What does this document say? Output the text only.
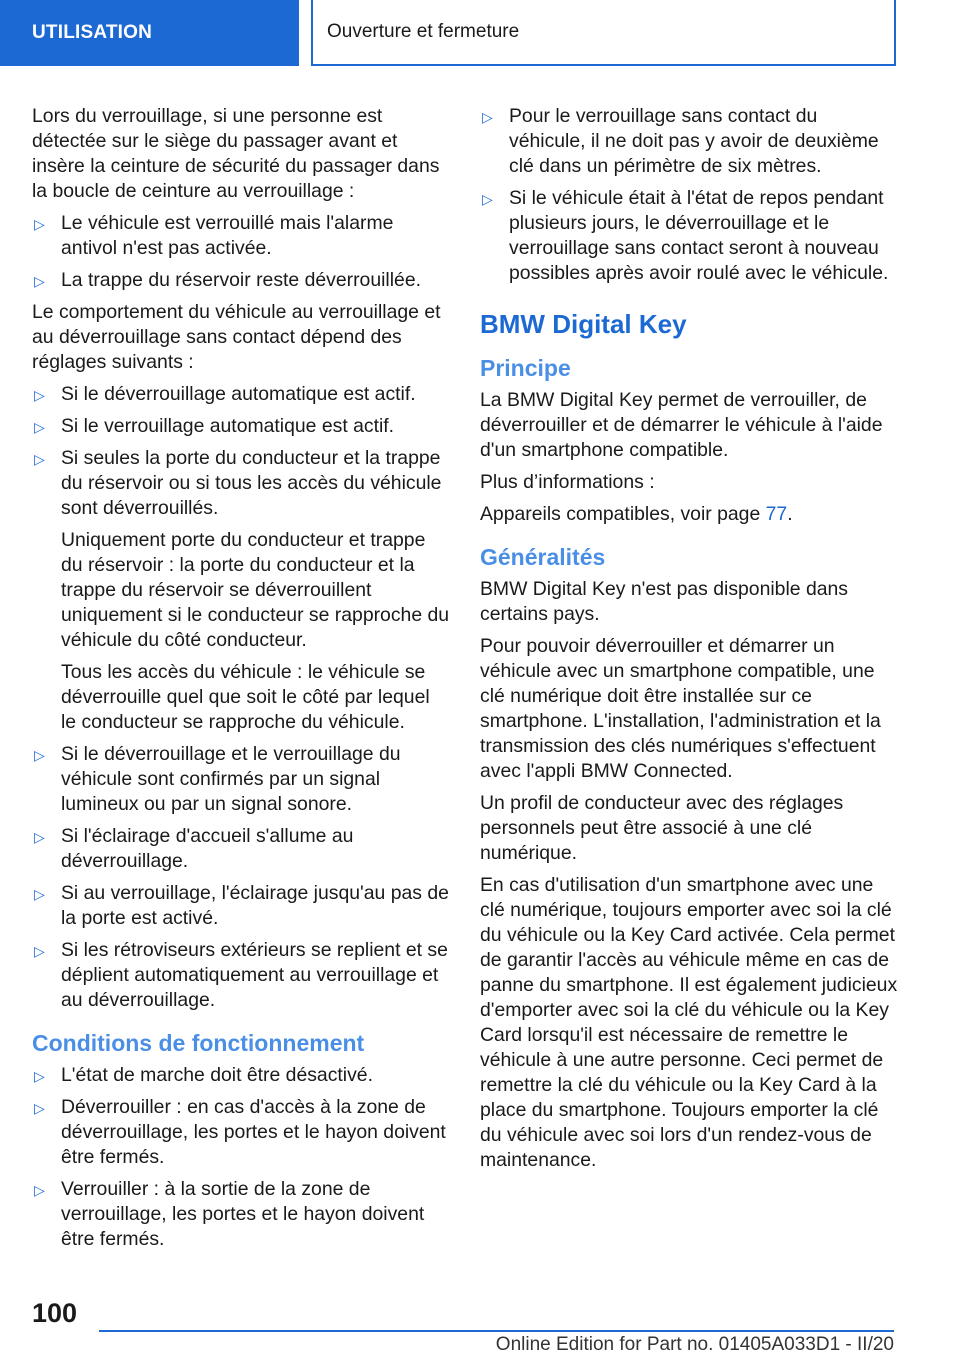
UTILISATION	Ouverture et fermeture

Lors du verrouillage, si une personne est détectée sur le siège du passager avant et insère la ceinture de sécurité du passager dans la boucle de ceinture au verrouillage :

▷ Le véhicule est verrouillé mais l'alarme antivol n'est pas activée.
▷ La trappe du réservoir reste déverrouillée.

Le comportement du véhicule au verrouillage et au déverrouillage sans contact dépend des réglages suivants :

▷ Si le déverrouillage automatique est actif.
▷ Si le verrouillage automatique est actif.
▷ Si seules la porte du conducteur et la trappe du réservoir ou si tous les accès du véhicule sont déverrouillés.
Uniquement porte du conducteur et trappe du réservoir : la porte du conducteur et la trappe du réservoir se déverrouillent uniquement si le conducteur se rapproche du véhicule du côté conducteur.
Tous les accès du véhicule : le véhicule se déverrouille quel que soit le côté par lequel le conducteur se rapproche du véhicule.
▷ Si le déverrouillage et le verrouillage du véhicule sont confirmés par un signal lumineux ou par un signal sonore.
▷ Si l'éclairage d'accueil s'allume au déverrouillage.
▷ Si au verrouillage, l'éclairage jusqu'au pas de la porte est activé.
▷ Si les rétroviseurs extérieurs se replient et se déplient automatiquement au verrouillage et au déverrouillage.
Conditions de fonctionnement
▷ L'état de marche doit être désactivé.
▷ Déverrouiller : en cas d'accès à la zone de déverrouillage, les portes et le hayon doivent être fermés.
▷ Verrouiller : à la sortie de la zone de verrouillage, les portes et le hayon doivent être fermés.
▷ Pour le verrouillage sans contact du véhicule, il ne doit pas y avoir de deuxième clé dans un périmètre de six mètres.
▷ Si le véhicule était à l'état de repos pendant plusieurs jours, le déverrouillage et le verrouillage sans contact seront à nouveau possibles après avoir roulé avec le véhicule.
BMW Digital Key
Principe

La BMW Digital Key permet de verrouiller, de déverrouiller et de démarrer le véhicule à l'aide d'un smartphone compatible.

Plus d’informations :

Appareils compatibles, voir page 77.

Généralités

BMW Digital Key n'est pas disponible dans certains pays.

Pour pouvoir déverrouiller et démarrer un véhicule avec un smartphone compatible, une clé numérique doit être installée sur ce smartphone. L'installation, l'administration et la transmission des clés numériques s'effectuent avec l'appli BMW Connected.

Un profil de conducteur avec des réglages personnels peut être associé à une clé numérique.

En cas d'utilisation d'un smartphone avec une clé numérique, toujours emporter avec soi la clé du véhicule ou la Key Card activée. Cela permet de garantir l'accès au véhicule même en cas de panne du smartphone. Il est également judicieux d'emporter avec soi la clé du véhicule ou la Key Card lorsqu'il est nécessaire de remettre le véhicule à une autre personne. Ceci permet de remettre la clé du véhicule ou la Key Card à la place du smartphone. Toujours emporter la clé du véhicule avec soi lors d'un rendez-vous de maintenance.

100
Online Edition for Part no. 01405A033D1 - II/20
